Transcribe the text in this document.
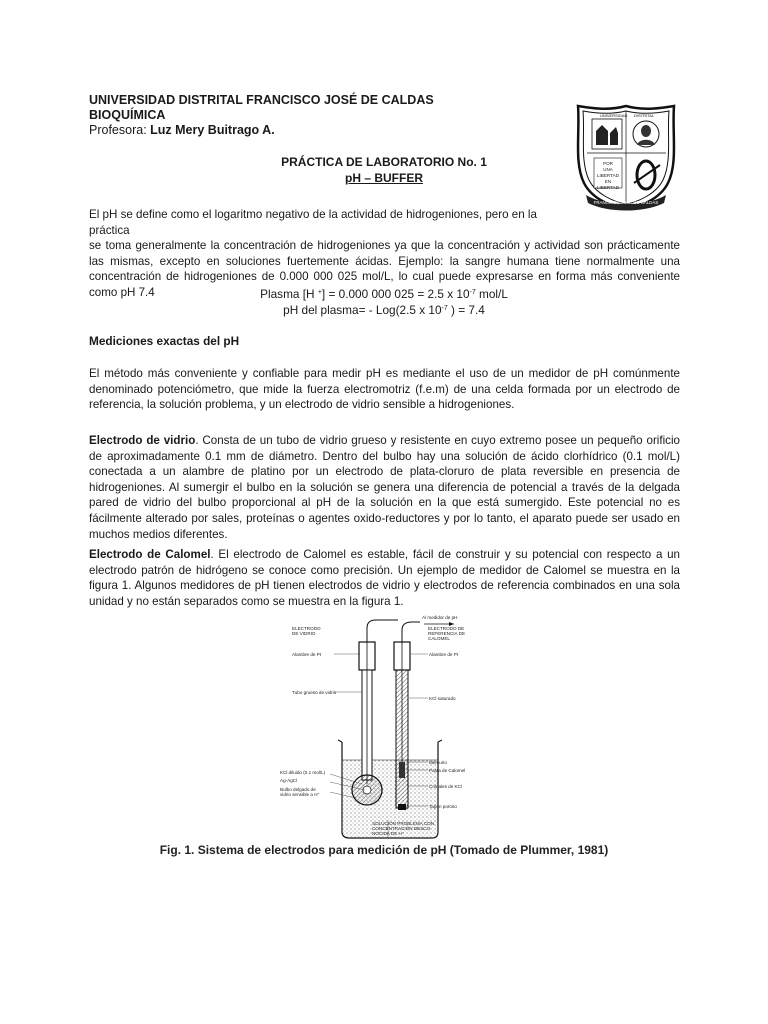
UNIVERSIDAD DISTRITAL FRANCISCO JOSÉ DE CALDAS
BIOQUÍMICA
Profesora: Luz Mery Buitrago A.
POR
UNA
LIBERTAD
EN
LIBERTAD
FRANCISCO JOSÉ DE CALDAS
UNIVERSIDAD DISTRITAL
PRÁCTICA DE LABORATORIO No. 1
pH – BUFFER
El pH se define como el logaritmo negativo de la actividad de hidrogeniones, pero en la práctica
se toma generalmente la concentración de hidrogeniones ya que la concentración y actividad son prácticamente las mismas, excepto en soluciones fuertemente ácidas. Ejemplo: la sangre humana tiene normalmente una concentración de hidrogeniones de 0.000 000 025 mol/L, lo cual puede expresarse en forma más conveniente como pH 7.4	Plasma [H +] = 0.000 000 025 = 2.5 x $10^{-7}$ mol/L
pH del plasma= - Log(2.5 x $10^{-7}$ ) = 7.4
Mediciones exactas del pH
El método más conveniente y confiable para medir pH es mediante el uso de un medidor de pH comúnmente denominado potenciómetro, que mide la fuerza electromotriz (f.e.m) de una celda formada por un electrodo de referencia, la solución problema, y un electrodo de vidrio sensible a hidrogeniones.
Electrodo de vidrio. Consta de un tubo de vidrio grueso y resistente en cuyo extremo posee un pequeño orificio de aproximadamente 0.1 mm de diámetro. Dentro del bulbo hay una solución de ácido clorhídrico (0.1 mol/L) conectada a un alambre de platino por un electrodo de plata-cloruro de plata reversible en presencia de hidrogeniones. Al sumergir el bulbo en la solución se genera una diferencia de potencial a través de la delgada pared de vidrio del bulbo proporcional al pH de la solución en la que está sumergido. Este potencial no es fácilmente alterado por sales, proteínas o agentes oxido-reductores y por lo tanto, el aparato puede ser usado en muchos medios diferentes.
Electrodo de Calomel. El electrodo de Calomel es estable, fácil de construir y su potencial con respecto a un electrodo patrón de hidrógeno se conoce como precisión. Un ejemplo de medidor de Calomel se muestra en la figura 1. Algunos medidores de pH tienen electrodos de vidrio y electrodos de referencia combinados en una sola unidad y no están separados como se muestra en la figura 1.
Al medidor de pH
ELECTRODO
DE VIDRIO
Alambre de Pt
Tubo grueso de vidrio
KCl diluido (0.1 mol/L)
Ag-AgCl
Bulbo delgado de
vidrio sensible a H⁺
ELECTRODO DE
REFERENCIA DE
CALOMEL
Alambre de Pt
KCl saturado
Mercurio
Pasta de Calomel
Cristales de KCl
Tapón poroso
SOLUCIÓN PROBLEMA CON
CONCENTRACIÓN DESCO-
NOCIDA DE H⁺
Fig. 1. Sistema de electrodos para medición de pH (Tomado de Plummer, 1981)
